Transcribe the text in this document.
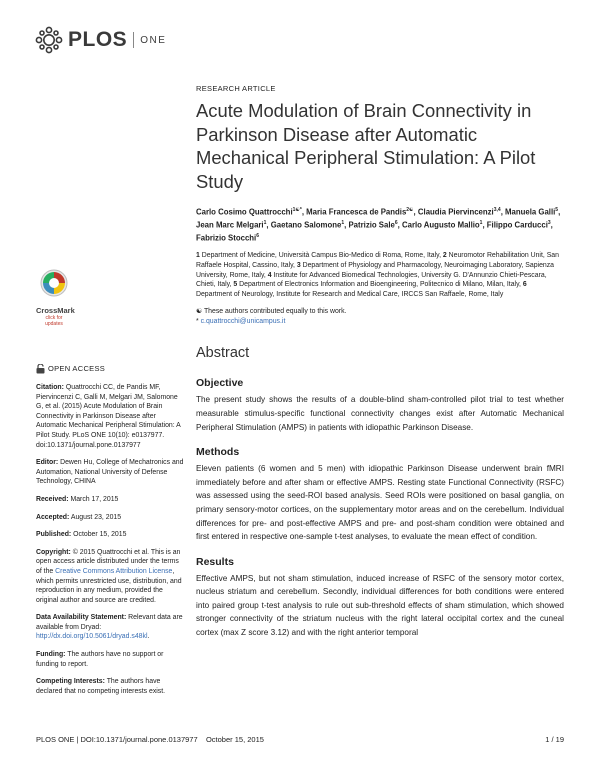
PLOS ONE
CrossMark
click for updates
OPEN ACCESS

Citation: Quattrocchi CC, de Pandis MF, Piervincenzi C, Galli M, Melgari JM, Salomone G, et al. (2015) Acute Modulation of Brain Connectivity in Parkinson Disease after Automatic Mechanical Peripheral Stimulation: A Pilot Study. PLoS ONE 10(10): e0137977. doi:10.1371/journal.pone.0137977

Editor: Dewen Hu, College of Mechatronics and Automation, National University of Defense Technology, CHINA

Received: March 17, 2015

Accepted: August 23, 2015

Published: October 15, 2015

Copyright: © 2015 Quattrocchi et al. This is an open access article distributed under the terms of the Creative Commons Attribution License, which permits unrestricted use, distribution, and reproduction in any medium, provided the original author and source are credited.

Data Availability Statement: Relevant data are available from Dryad: http://dx.doi.org/10.5061/dryad.s48kl.

Funding: The authors have no support or funding to report.

Competing Interests: The authors have declared that no competing interests exist.

RESEARCH ARTICLE
Acute Modulation of Brain Connectivity in Parkinson Disease after Automatic Mechanical Peripheral Stimulation: A Pilot Study
Carlo Cosimo Quattrocchi$^{1☯*}$, Maria Francesca de Pandis$^{2☯}$, Claudia Piervincenzi$^{3,4}$, Manuela Galli$^5$, Jean Marc Melgari$^1$, Gaetano Salomone$^1$, Patrizio Sale$^6$, Carlo Augusto Mallio$^1$, Filippo Carducci$^3$, Fabrizio Stocchi$^6$
1 Department of Medicine, Università Campus Bio-Medico di Roma, Rome, Italy, 2 Neuromotor Rehabilitation Unit, San Raffaele Hospital, Cassino, Italy, 3 Department of Physiology and Pharmacology, Neuroimaging Laboratory, Sapienza University, Rome, Italy, 4 Institute for Advanced Biomedical Technologies, University G. D'Annunzio Chieti-Pescara, Chieti, Italy, 5 Department of Electronics Information and Bioengineering, Politecnico di Milano, Milan, Italy, 6 Department of Neurology, Institute for Research and Medical Care, IRCCS San Raffaele, Rome, Italy
☯ These authors contributed equally to this work.
* c.quattrocchi@unicampus.it
Abstract
Objective

The present study shows the results of a double-blind sham-controlled pilot trial to test whether measurable stimulus-specific functional connectivity changes exist after Automatic Mechanical Peripheral Stimulation (AMPS) in patients with idiopathic Parkinson Disease.

Methods

Eleven patients (6 women and 5 men) with idiopathic Parkinson Disease underwent brain fMRI immediately before and after sham or effective AMPS. Resting state Functional Connectivity (RSFC) was assessed using the seed-ROI based analysis. Seed ROIs were positioned on basal ganglia, on primary sensory-motor cortices, on the supplementary motor areas and on the cerebellum. Individual differences for pre- and post-effective AMPS and pre- and post-sham condition were obtained and first entered in respective one-sample t-test analyses, to evaluate the mean effect of condition.

Results

Effective AMPS, but not sham stimulation, induced increase of RSFC of the sensory motor cortex, nucleus striatum and cerebellum. Secondly, individual differences for both conditions were entered into paired group t-test analysis to rule out sub-threshold effects of sham stimulation, which showed stronger connectivity of the striatum nucleus with the right lateral occipital cortex and the cuneal cortex (max Z score 3.12) and with the right anterior temporal

PLOS ONE | DOI:10.1371/journal.pone.0137977    October 15, 2015	1 / 19
